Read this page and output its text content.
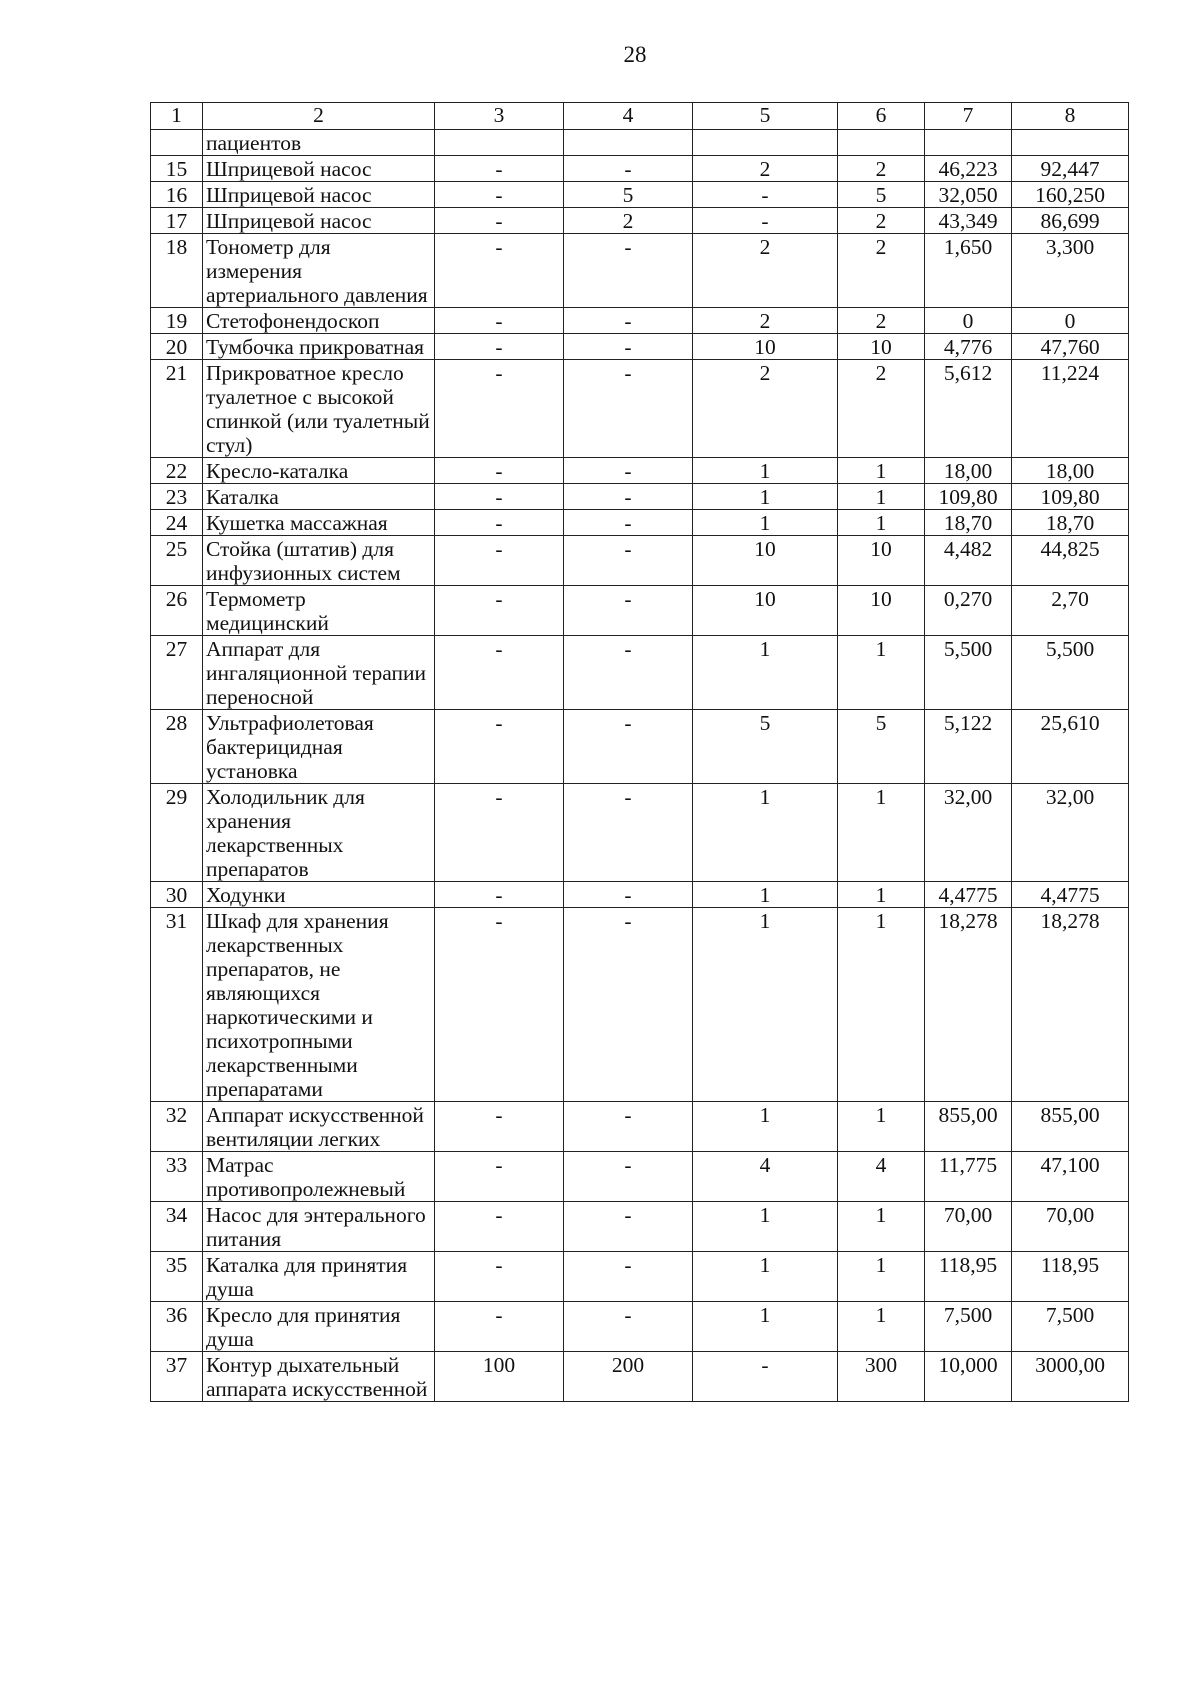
28
1	2	3	4	5	6	7	8
	пациентов						
15	Шприцевой насос	-	-	2	2	46,223	92,447
16	Шприцевой насос	-	5	-	5	32,050	160,250
17	Шприцевой насос	-	2	-	2	43,349	86,699
18	Тонометр для измерения артериального давления	-	-	2	2	1,650	3,300
19	Стетофонендоскоп	-	-	2	2	0	0
20	Тумбочка прикроватная	-	-	10	10	4,776	47,760
21	Прикроватное кресло туалетное с высокой спинкой (или туалетный стул)	-	-	2	2	5,612	11,224
22	Кресло-каталка	-	-	1	1	18,00	18,00
23	Каталка	-	-	1	1	109,80	109,80
24	Кушетка массажная	-	-	1	1	18,70	18,70
25	Стойка (штатив) для инфузионных систем	-	-	10	10	4,482	44,825
26	Термометр медицинский	-	-	10	10	0,270	2,70
27	Аппарат для ингаляционной терапии переносной	-	-	1	1	5,500	5,500
28	Ультрафиолетовая бактерицидная установка	-	-	5	5	5,122	25,610
29	Холодильник для хранения лекарственных препаратов	-	-	1	1	32,00	32,00
30	Ходунки	-	-	1	1	4,4775	4,4775
31	Шкаф для хранения лекарственных препаратов, не являющихся наркотическими и психотропными лекарственными препаратами	-	-	1	1	18,278	18,278
32	Аппарат искусственной вентиляции легких	-	-	1	1	855,00	855,00
33	Матрас противопролежневый	-	-	4	4	11,775	47,100
34	Насос для энтерального питания	-	-	1	1	70,00	70,00
35	Каталка для принятия душа	-	-	1	1	118,95	118,95
36	Кресло для принятия душа	-	-	1	1	7,500	7,500
37	Контур дыхательный аппарата искусственной	100	200	-	300	10,000	3000,00
